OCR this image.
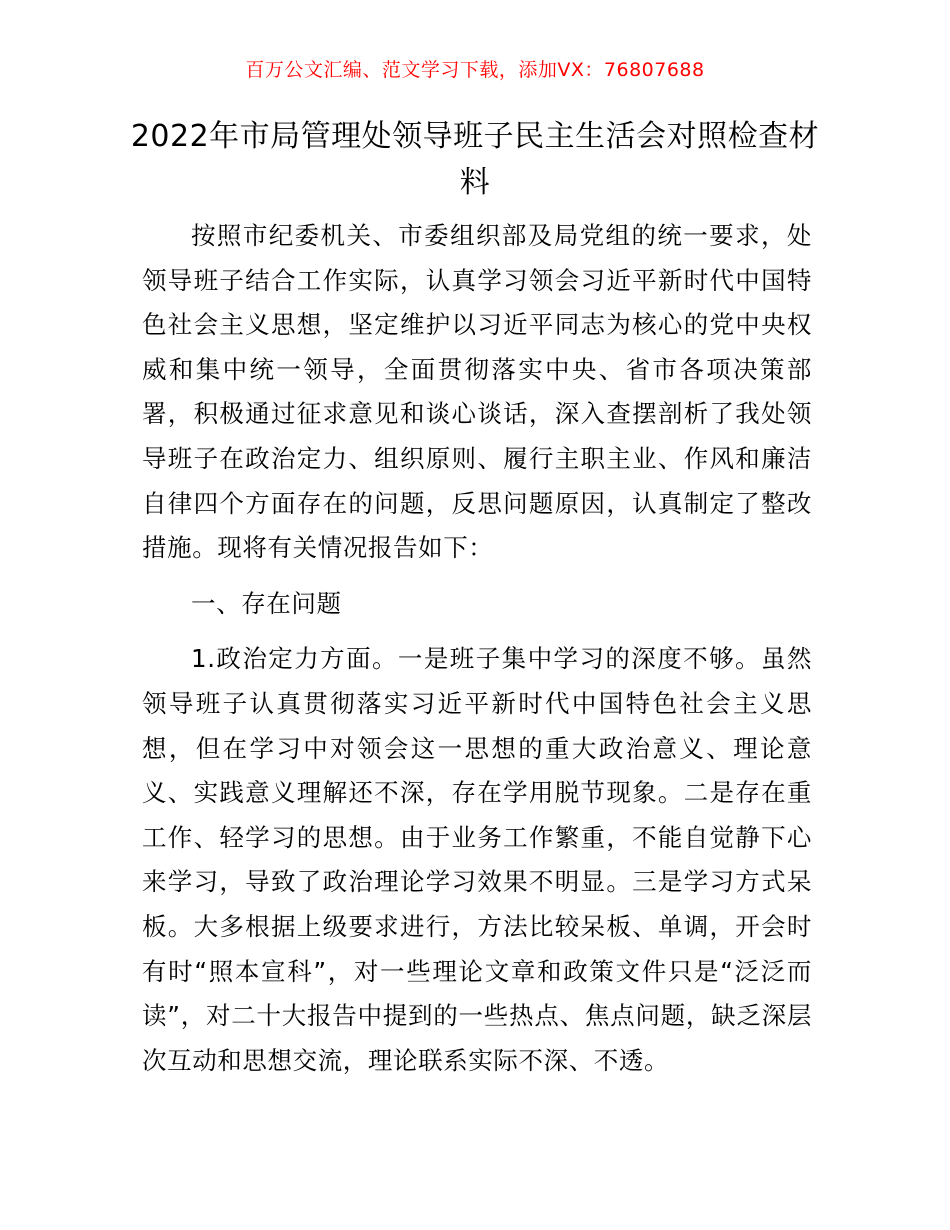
百万公文汇编、范文学习下载，添加VX：76807688
2022年市局管理处领导班子民主生活会对照检查材料

按照市纪委机关、市委组织部及局党组的统一要求，处领导班子结合工作实际，认真学习领会习近平新时代中国特色社会主义思想，坚定维护以习近平同志为核心的党中央权威和集中统一领导，全面贯彻落实中央、省市各项决策部署，积极通过征求意见和谈心谈话，深入查摆剖析了我处领导班子在政治定力、组织原则、履行主职主业、作风和廉洁自律四个方面存在的问题，反思问题原因，认真制定了整改措施。现将有关情况报告如下：

一、存在问题

1.政治定力方面。一是班子集中学习的深度不够。虽然领导班子认真贯彻落实习近平新时代中国特色社会主义思想，但在学习中对领会这一思想的重大政治意义、理论意义、实践意义理解还不深，存在学用脱节现象。二是存在重工作、轻学习的思想。由于业务工作繁重，不能自觉静下心来学习，导致了政治理论学习效果不明显。三是学习方式呆板。大多根据上级要求进行，方法比较呆板、单调，开会时有时“照本宣科”，对一些理论文章和政策文件只是“泛泛而读”，对二十大报告中提到的一些热点、焦点问题，缺乏深层次互动和思想交流，理论联系实际不深、不透。
